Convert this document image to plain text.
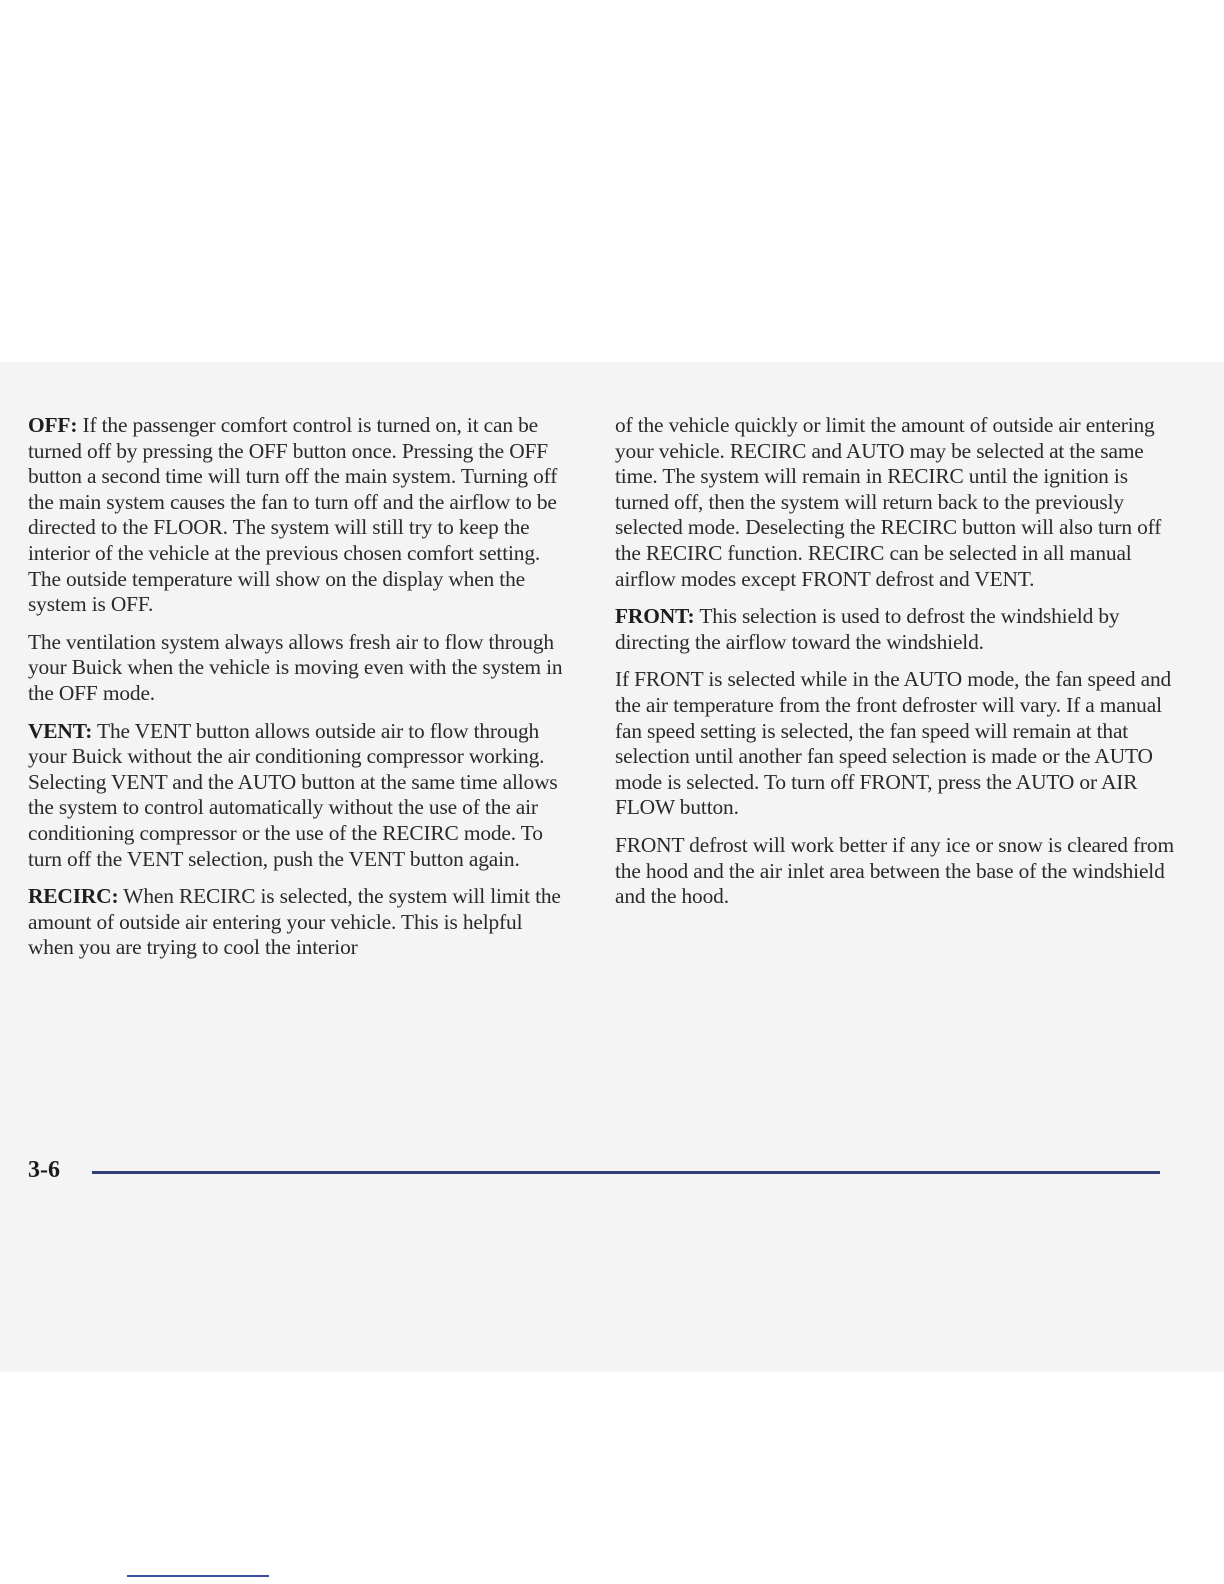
OFF: If the passenger comfort control is turned on, it can be turned off by pressing the OFF button once. Pressing the OFF button a second time will turn off the main system. Turning off the main system causes the fan to turn off and the airflow to be directed to the FLOOR. The system will still try to keep the interior of the vehicle at the previous chosen comfort setting. The outside temperature will show on the display when the system is OFF.

The ventilation system always allows fresh air to flow through your Buick when the vehicle is moving even with the system in the OFF mode.

VENT: The VENT button allows outside air to flow through your Buick without the air conditioning compressor working. Selecting VENT and the AUTO button at the same time allows the system to control automatically without the use of the air conditioning compressor or the use of the RECIRC mode. To turn off the VENT selection, push the VENT button again.

RECIRC: When RECIRC is selected, the system will limit the amount of outside air entering your vehicle. This is helpful when you are trying to cool the interior

of the vehicle quickly or limit the amount of outside air entering your vehicle. RECIRC and AUTO may be selected at the same time. The system will remain in RECIRC until the ignition is turned off, then the system will return back to the previously selected mode. Deselecting the RECIRC button will also turn off the RECIRC function. RECIRC can be selected in all manual airflow modes except FRONT defrost and VENT.

FRONT: This selection is used to defrost the windshield by directing the airflow toward the windshield.

If FRONT is selected while in the AUTO mode, the fan speed and the air temperature from the front defroster will vary. If a manual fan speed setting is selected, the fan speed will remain at that selection until another fan speed selection is made or the AUTO mode is selected. To turn off FRONT, press the AUTO or AIR FLOW button.

FRONT defrost will work better if any ice or snow is cleared from the hood and the air inlet area between the base of the windshield and the hood.

3-6
